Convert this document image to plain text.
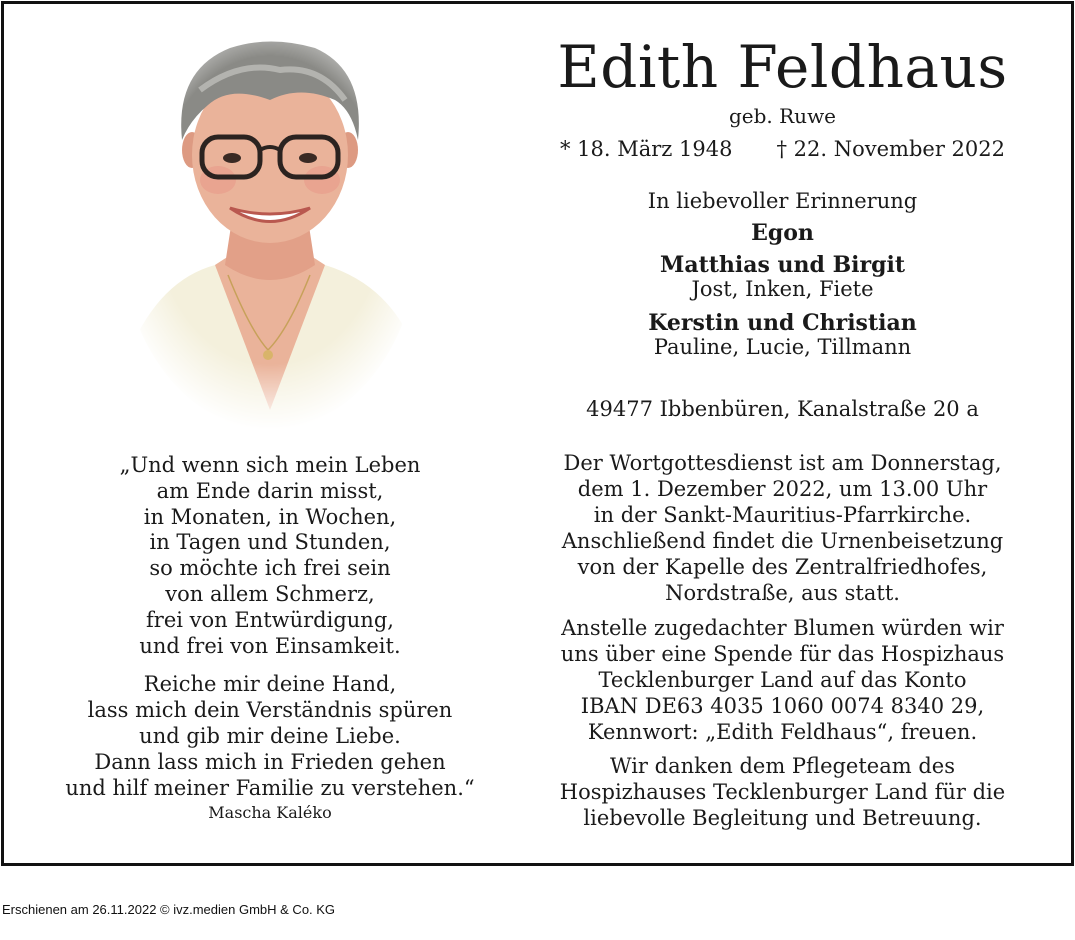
„Und wenn sich mein Leben
am Ende darin misst,
in Monaten, in Wochen,
in Tagen und Stunden,
so möchte ich frei sein
von allem Schmerz,
frei von Entwürdigung,
und frei von Einsamkeit.
Reiche mir deine Hand,
lass mich dein Verständnis spüren
und gib mir deine Liebe.
Dann lass mich in Frieden gehen
und hilf meiner Familie zu verstehen.“
Mascha Kaléko
Edith Feldhaus
geb. Ruwe
* 18. März 1948 † 22. November 2022
In liebevoller Erinnerung
Egon
Matthias und Birgit
Jost, Inken, Fiete
Kerstin und Christian
Pauline, Lucie, Tillmann
49477 Ibbenbüren, Kanalstraße 20 a
Der Wortgottesdienst ist am Donnerstag,
dem 1. Dezember 2022, um 13.00 Uhr
in der Sankt-Mauritius-Pfarrkirche.
Anschließend findet die Urnenbeisetzung
von der Kapelle des Zentralfriedhofes,
Nordstraße, aus statt.
Anstelle zugedachter Blumen würden wir
uns über eine Spende für das Hospizhaus
Tecklenburger Land auf das Konto
IBAN DE63 4035 1060 0074 8340 29,
Kennwort: „Edith Feldhaus“, freuen.
Wir danken dem Pflegeteam des
Hospizhauses Tecklenburger Land für die
liebevolle Begleitung und Betreuung.
Erschienen am 26.11.2022 © ivz.medien GmbH & Co. KG
